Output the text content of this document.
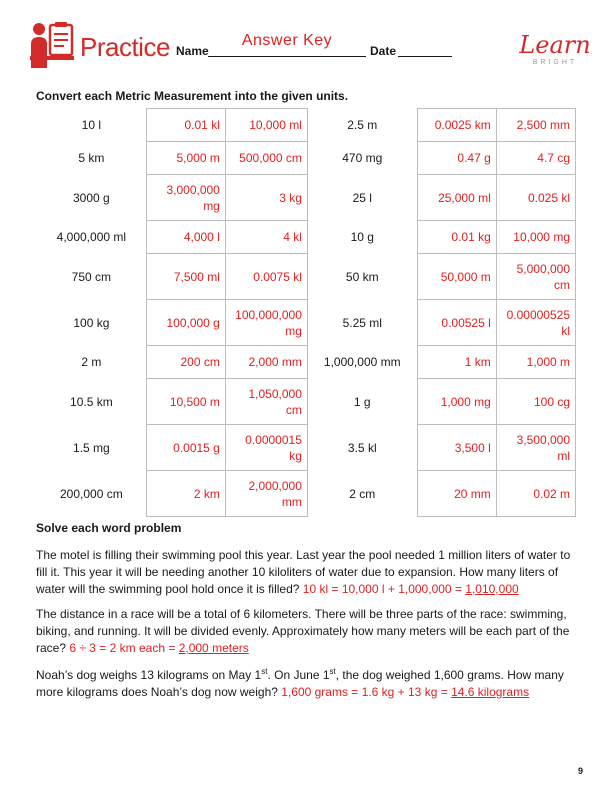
Practice Name
Answer Key
Date	Learn
BRIGHT
Convert each Metric Measurement into the given units.
10 l	0.01 kl	10,000 ml	2.5 m	0.0025 km	2,500 mm
5 km	5,000 m	500,000 cm	470 mg	0.47 g	4.7 cg
3000 g	3,000,000 mg	3 kg	25 l	25,000 ml	0.025 kl
4,000,000 ml	4,000 l	4 kl	10 g	0.01 kg	10,000 mg
750 cm	7,500 ml	0.0075 kl	50 km	50,000 m	5,000,000 cm
100 kg	100,000 g	100,000,000 mg	5.25 ml	0.00525 l	0.00000525 kl
2 m	200 cm	2,000 mm	1,000,000 mm	1 km	1,000 m
10.5 km	10,500 m	1,050,000 cm	1 g	1,000 mg	100 cg
1.5 mg	0.0015 g	0.0000015 kg	3.5 kl	3,500 l	3,500,000 ml
200,000 cm	2 km	2,000,000 mm	2 cm	20 mm	0.02 m
Solve each word problem
The motel is filling their swimming pool this year. Last year the pool needed 1 million liters of water to fill it. This year it will be needing another 10 kiloliters of water due to expansion. How many liters of water will the swimming pool hold once it is filled? 10 kl = 10,000 l + 1,000,000 = 1,010,000
The distance in a race will be a total of 6 kilometers. There will be three parts of the race: swimming, biking, and running. It will be divided evenly. Approximately how many meters will be each part of the race? 6 ÷ 3 = 2 km each = 2,000 meters
Noah’s dog weighs 13 kilograms on May 1st. On June 1st, the dog weighed 1,600 grams. How many more kilograms does Noah’s dog now weigh? 1,600 grams = 1.6 kg + 13 kg = 14.6 kilograms
9
